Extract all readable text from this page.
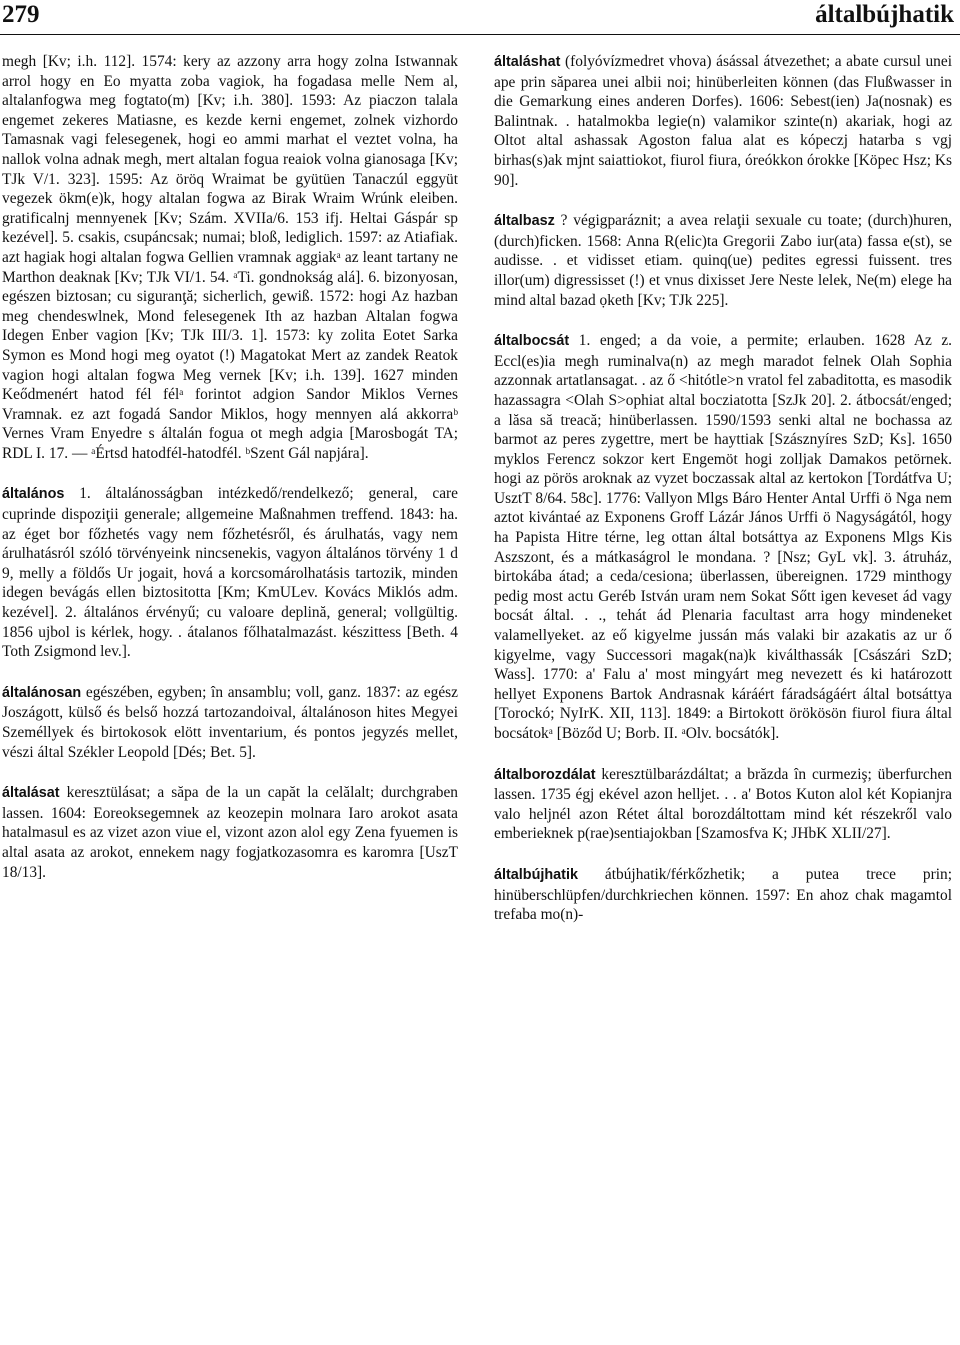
279	általbújhatik

megh [Kv; i.h. 112]. 1574: kery az azzony arra hogy zolna Istwannak arrol hogy en Eo myatta zoba vagiok, ha fogadasa melle Nem al, altalanfogwa meg fogtato(m) [Kv; i.h. 380]. 1593: Az piaczon talala engemet zekeres Matiasne, es kezde kerni engemet, zolnek vizhordo Tamasnak vagi felesegenek, hogi eo ammi marhat el veztet volna, ha nallok volna adnak megh, mert altalan fogua reaiok volna gianosaga [Kv; TJk V/1. 323]. 1595: Az öröq Wraimat be gyütüen Tanaczúl eggyüt vegezek ökm(e)k, hogy altalan fogwa az Birak Wraim Wrúnk eleiben. gratificalnj mennyenek [Kv; Szám. XVIIa/6. 153 ifj. Heltai Gáspár sp kezével]. 5. csakis, csupáncsak; numai; bloß, lediglich. 1597: az Atiafiak. azt hagiak hogi altalan fogwa Gellien vramnak aggiakᵃ az leant tartany ne Marthon deaknak [Kv; TJk VI/1. 54. ᵃTi. gondnokság alá]. 6. bizonyosan, egészen biztosan; cu siguranţă; sicherlich, gewiß. 1572: hogi Az hazban meg chendeswlnek, Mond felesegenek Ith az hazban Altalan fogwa Idegen Enber vagion [Kv; TJk III/3. 1]. 1573: ky zolita Eotet Sarka Symon es Mond hogi meg oyatot (!) Magatokat Mert az zandek Reatok vagion hogi altalan fogwa Meg vernek [Kv; i.h. 139]. 1627 minden Keődmenért hatod fél félᵃ forintot adgion Sandor Miklos Vernes Vramnak. ez azt fogadá Sandor Miklos, hogy mennyen alá akkorraᵇ Vernes Vram Enyedre s általán fogua ot megh adgia [Marosbogát TA; RDL I. 17. — ᵃÉrtsd hatodfél-hatodfél. ᵇSzent Gál napjára].

általános 1. általánosságban intézkedő/rendelkező; general, care cuprinde dispoziţii generale; allgemeine Maßnahmen treffend. 1843: ha. az éget bor főzhetés vagy nem főzhetésről, és árulhatás, vagy nem árulhatásról szóló törvényeink nincsenekis, vagyon általános törvény 1 d 9, melly a földős Ur jogait, hová a korcsomárolhatásis tartozik, minden idegen bevágás ellen biztositotta [Km; KmULev. Kovács Miklós adm. kezével]. 2. általános érvényű; cu valoare deplină, general; vollgültig. 1856 ujbol is kérlek, hogy. . átalanos főlhatalmazást. készittess [Beth. 4 Toth Zsigmond lev.].

általánosan egészében, egyben; în ansamblu; voll, ganz. 1837: az egész Joszágott, külső és belső hozzá tartozandoival, általánoson hites Megyei Személlyek és birtokosok elött inventarium, és pontos jegyzés mellet, vészi által Székler Leopold [Dés; Bet. 5].

általásat keresztülásat; a săpa de la un capăt la celălalt; durchgraben lassen. 1604: Eoreoksegemnek az keozepin molnara Iaro arokot asata hatalmasul es az vizet azon viue el, vizont azon alol egy Zena fyuemen is altal asata az arokot, ennekem nagy fogjatkozasomra es karomra [UszT 18/13].

általáshat (folyóvízmedret vhova) ásással átvezethet; a abate cursul unei ape prin săparea unei albii noi; hinüberleiten können (das Flußwasser in die Gemarkung eines anderen Dorfes). 1606: Sebest(ien) Ja(nosnak) es Balintnak. . hatalmokba legie(n) valamikor szinte(n) akariak, hogi az Oltot altal ashassak Agoston falua alat es kópeczj hatarba s vgj birhas(s)ak mjnt saiattiokot, fiurol fiura, óreókkon órokke [Köpec Hsz; Ks 90].

általbasz ? végigparáznit; a avea relaţii sexuale cu toate; (durch)huren, (durch)ficken. 1568: Anna R(elic)ta Gregorii Zabo iur(ata) fassa e(st), se audisse. . et vidisset etiam. quinq(ue) pedites egressi fuissent. tres illor(um) digressisset (!) et vnus dixisset Jere Neste lelek, Ne(m) elege ha mind altal bazad ọketh [Kv; TJk 225].

általbocsát 1. enged; a da voie, a permite; erlauben. 1628 Az z. Eccl(es)ia megh ruminalva(n) az megh maradot felnek Olah Sophia azzonnak artatlansagat. . az ő <hitótle>n vratol fel zabaditotta, es masodik hazassagra <Olah S>ophiat altal bocziatotta [SzJk 20]. 2. átbocsát/enged; a lăsa să treacă; hinüberlassen. 1590/1593 senki altal ne bochassa az barmot az peres zygettre, mert be hayttiak [Szásznyíres SzD; Ks]. 1650 myklos Ferencz sokzor kert Engemöt hogi zolljak Damakos petörnek. hogi az pörös aroknak az vyzet boczassak altal az kertokon [Tordátfva U; UsztT 8/64. 58c]. 1776: Vallyon Mlgs Báro Henter Antal Urffi ö Nga nem aztot kivántaé az Exponens Groff Lázár János Urffi ö Nagyságától, hogy ha Papista Hitre térne, leg ottan által botsáttya az Exponens Mlgs Kis Aszszont, és a mátkaságrol le mondana. ? [Nsz; GyL vk]. 3. átruház, birtokába átad; a ceda/cesiona; überlassen, übereignen. 1729 minthogy pedig most actu Geréb István uram nem Sokat Sőtt igen keveset ád vagy bocsát által. . ., tehát ád Plenaria facultast arra hogy mindeneket valamellyeket. az eő kigyelme jussán más valaki bir azakatis az ur ő kigyelme, vagy Successori magak(na)k kiválthassák [Császári SzD; Wass]. 1770: a' Falu a' most mingyárt meg nevezett és ki határozott hellyet Exponens Bartok Andrasnak káráért fáradságáért által botsáttya [Torockó; NyIrK. XII, 113]. 1849: a Birtokott örökösön fiurol fiura által bocsátokᵃ [Böződ U; Borb. II. ᵃOlv. bocsátók].

általborozdálat keresztülbarázdáltat; a brăzda în curmeziş; überfurchen lassen. 1735 égj ekével azon helljet. . . a' Botos Kuton alol két Kopianjra valo heljnél azon Rétet által borozdáltottam mind két részekről valo emberieknek p(rae)sentiajokban [Szamosfva K; JHbK XLII/27].

általbújhatik átbújhatik/férkőzhetik; a putea trece prin; hinüberschlüpfen/durchkriechen können. 1597: En ahoz chak magamtol trefaba mo(n)-
